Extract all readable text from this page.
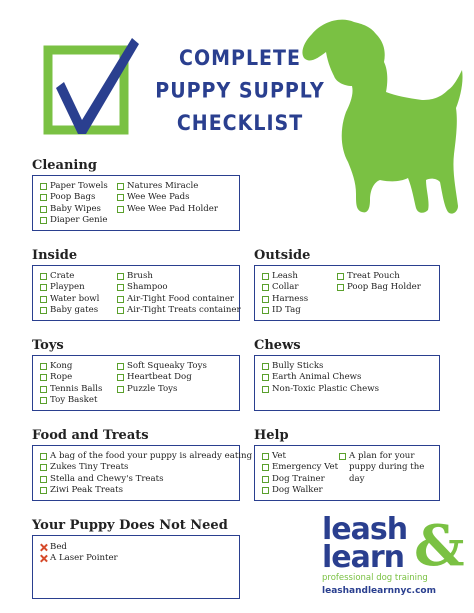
COMPLETE
PUPPY SUPPLY
CHECKLIST
Cleaning
Paper Towels
Poop Bags
Baby Wipes
Diaper Genie
Natures Miracle
Wee Wee Pads
Wee Wee Pad Holder
Inside
Crate
Playpen
Water bowl
Baby gates
Brush
Shampoo
Air-Tight Food container
Air-Tight Treats container
Outside
Leash
Collar
Harness
ID Tag
Treat Pouch
Poop Bag Holder
Toys
Kong
Rope
Tennis Balls
Toy Basket
Soft Squeaky Toys
Heartbeat Dog
Puzzle Toys
Chews
Bully Sticks
Earth Animal Chews
Non-Toxic Plastic Chews
Food and Treats
A bag of the food your puppy is already eating
Zukes Tiny Treats
Stella and Chewy's Treats
Ziwi Peak Treats
Help
Vet
Emergency Vet
Dog Trainer
Dog Walker
A plan for your puppy during the day
Your Puppy Does Not Need
Bed
A Laser Pointer
leash
learn &
professional dog training
leashandlearnnyc.com
